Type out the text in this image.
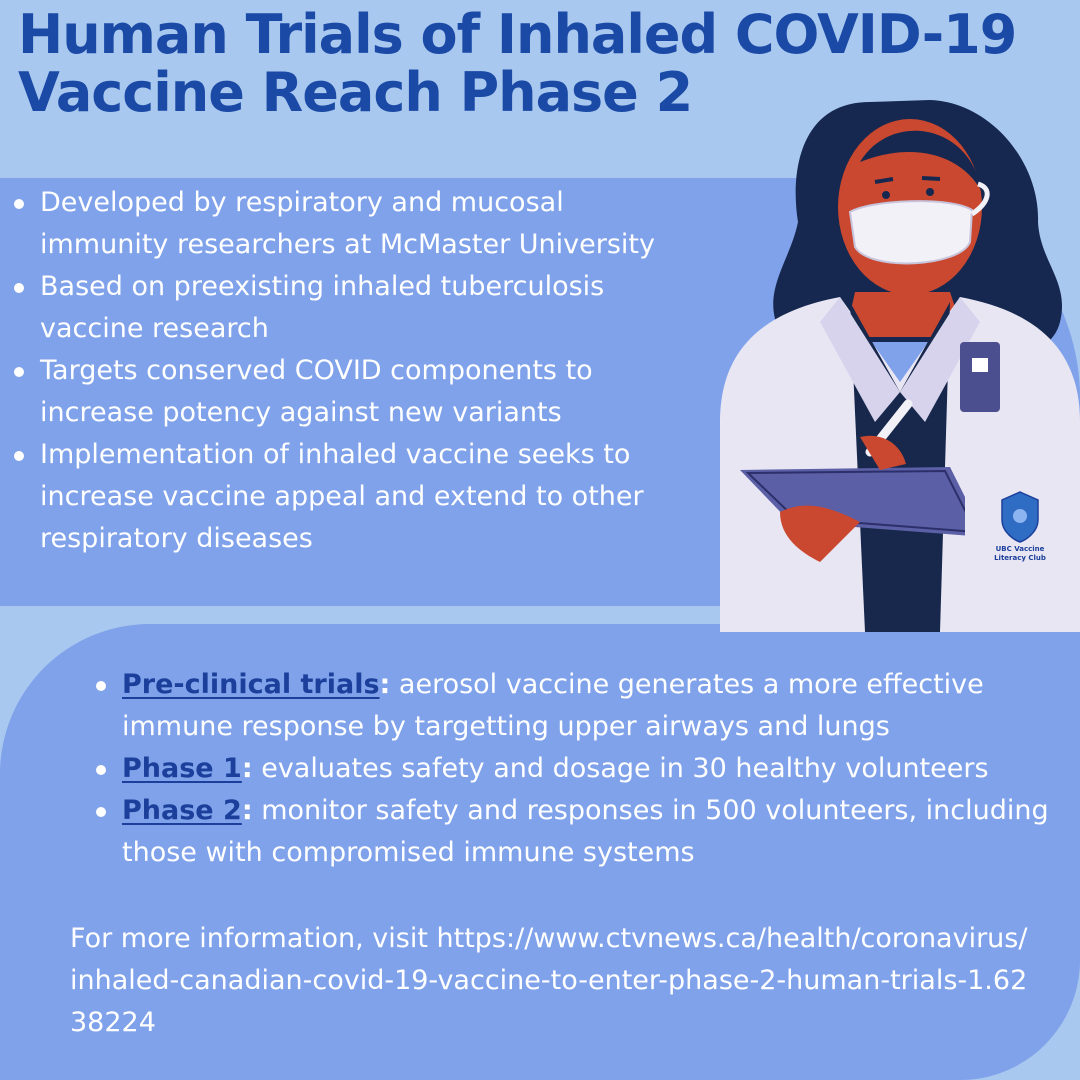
Human Trials of Inhaled COVID-19 Vaccine Reach Phase 2
Developed by respiratory and mucosal immunity researchers at McMaster University
Based on preexisting inhaled tuberculosis vaccine research
Targets conserved COVID components to increase potency against new variants
Implementation of inhaled vaccine seeks to increase vaccine appeal and extend to other respiratory diseases	UBC Vaccine
Literacy Club
Pre-clinical trials: aerosol vaccine generates a more effective immune response by targetting upper airways and lungs
Phase 1: evaluates safety and dosage in 30 healthy volunteers
Phase 2: monitor safety and responses in 500 volunteers, including those with compromised immune systems

For more information, visit https://www.ctvnews.ca/health/coronavirus/inhaled-canadian-covid-19-vaccine-to-enter-phase-2-human-trials-1.6238224
